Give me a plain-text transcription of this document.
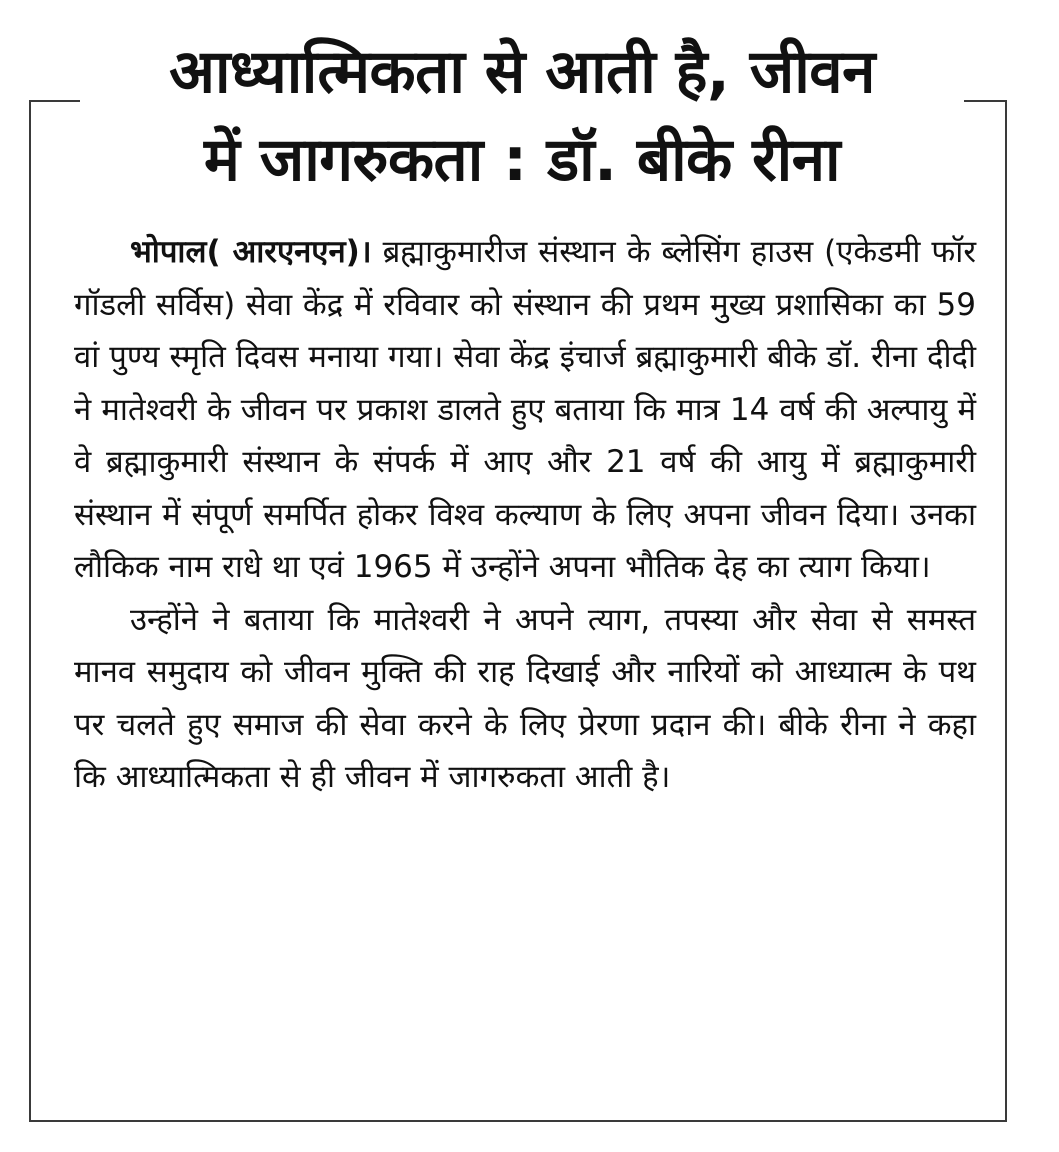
आध्यात्मिकता से आती है, जीवन
में जागरुकता : डॉ. बीके रीना

भोपाल( आरएनएन)। ब्रह्माकुमारीज संस्थान के ब्लेसिंग हाउस (एकेडमी फॉर गॉडली सर्विस) सेवा केंद्र में रविवार को संस्थान की प्रथम मुख्य प्रशासिका का 59 वां पुण्य स्मृति दिवस मनाया गया। सेवा केंद्र इंचार्ज ब्रह्माकुमारी बीके डॉ. रीना दीदी ने मातेश्वरी के जीवन पर प्रकाश डालते हुए बताया कि मात्र 14 वर्ष की अल्पायु में वे ब्रह्माकुमारी संस्थान के संपर्क में आए और 21 वर्ष की आयु में ब्रह्माकुमारी संस्थान में संपूर्ण समर्पित होकर विश्व कल्याण के लिए अपना जीवन दिया। उनका लौकिक नाम राधे था एवं 1965 में उन्होंने अपना भौतिक देह का त्याग किया।

उन्होंने ने बताया कि मातेश्वरी ने अपने त्याग, तपस्या और सेवा से समस्त मानव समुदाय को जीवन मुक्ति की राह दिखाई और नारियों को आध्यात्म के पथ पर चलते हुए समाज की सेवा करने के लिए प्रेरणा प्रदान की। बीके रीना ने कहा कि आध्यात्मिकता से ही जीवन में जागरुकता आती है।
